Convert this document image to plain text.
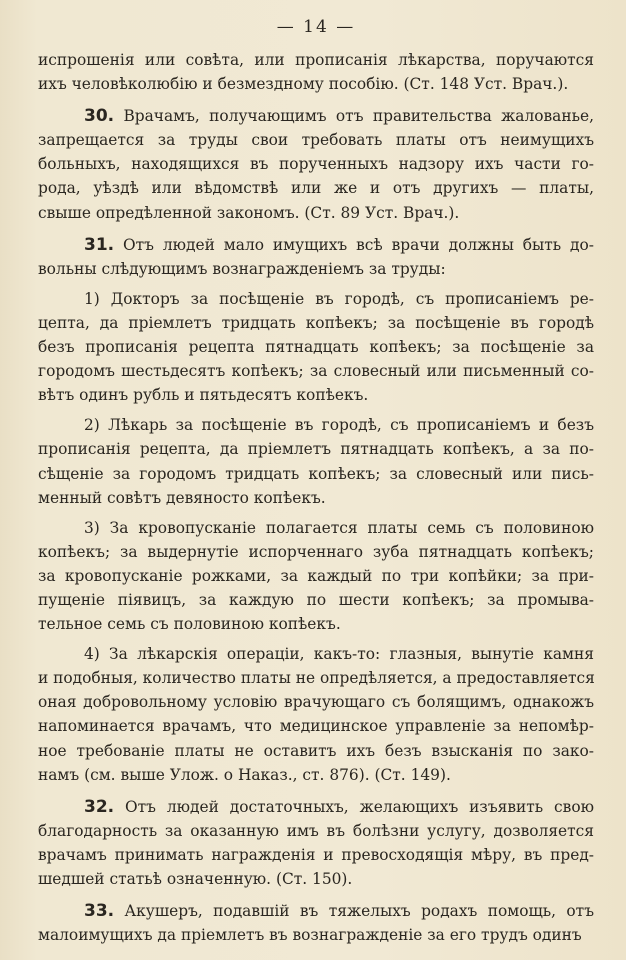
— 14 —
испрошенія или совѣта, или прописанія лѣкарства, поручаются
ихъ человѣколюбію и безмездному пособію. (Ст. 148 Уст. Врач.).
30. Врачамъ, получающимъ отъ правительства жалованье,
запрещается за труды свои требовать платы отъ неимущихъ
больныхъ, находящихся въ порученныхъ надзору ихъ части го-
рода, уѣздѣ или вѣдомствѣ или же и отъ другихъ — платы,
свыше опредѣленной закономъ. (Ст. 89 Уст. Врач.).
31. Отъ людей мало имущихъ всѣ врачи должны быть до-
вольны слѣдующимъ вознагражденіемъ за труды:
1) Докторъ за посѣщеніе въ городѣ, съ прописаніемъ ре-
цепта, да пріемлетъ тридцать копѣекъ; за посѣщеніе въ городѣ
безъ прописанія рецепта пятнадцать копѣекъ; за посѣщеніе за
городомъ шестьдесятъ копѣекъ; за словесный или письменный со-
вѣтъ одинъ рубль и пятьдесятъ копѣекъ.
2) Лѣкарь за посѣщеніе въ городѣ, съ прописаніемъ и безъ
прописанія рецепта, да пріемлетъ пятнадцать копѣекъ, а за по-
сѣщеніе за городомъ тридцать копѣекъ; за словесный или пись-
менный совѣтъ девяносто копѣекъ.
3) За кровопусканіе полагается платы семь съ половиною
копѣекъ; за выдернутіе испорченнаго зуба пятнадцать копѣекъ;
за кровопусканіе рожками, за каждый по три копѣйки; за при-
пущеніе піявицъ, за каждую по шести копѣекъ; за промыва-
тельное семь съ половиною копѣекъ.
4) За лѣкарскія операціи, какъ-то: глазныя, вынутіе камня
и подобныя, количество платы не опредѣляется, а предоставляется
оная добровольному условію врачующаго съ болящимъ, однакожъ
напоминается врачамъ, что медицинское управленіе за непомѣр-
ное требованіе платы не оставитъ ихъ безъ взысканія по зако-
намъ (см. выше Улож. о Наказ., ст. 876). (Ст. 149).
32. Отъ людей достаточныхъ, желающихъ изъявить свою
благодарность за оказанную имъ въ болѣзни услугу, дозволяется
врачамъ принимать награжденія и превосходящія мѣру, въ пред-
шедшей статьѣ означенную. (Ст. 150).
33. Акушеръ, подавшій въ тяжелыхъ родахъ помощь, отъ
малоимущихъ да пріемлетъ въ вознагражденіе за его трудъ одинъ
